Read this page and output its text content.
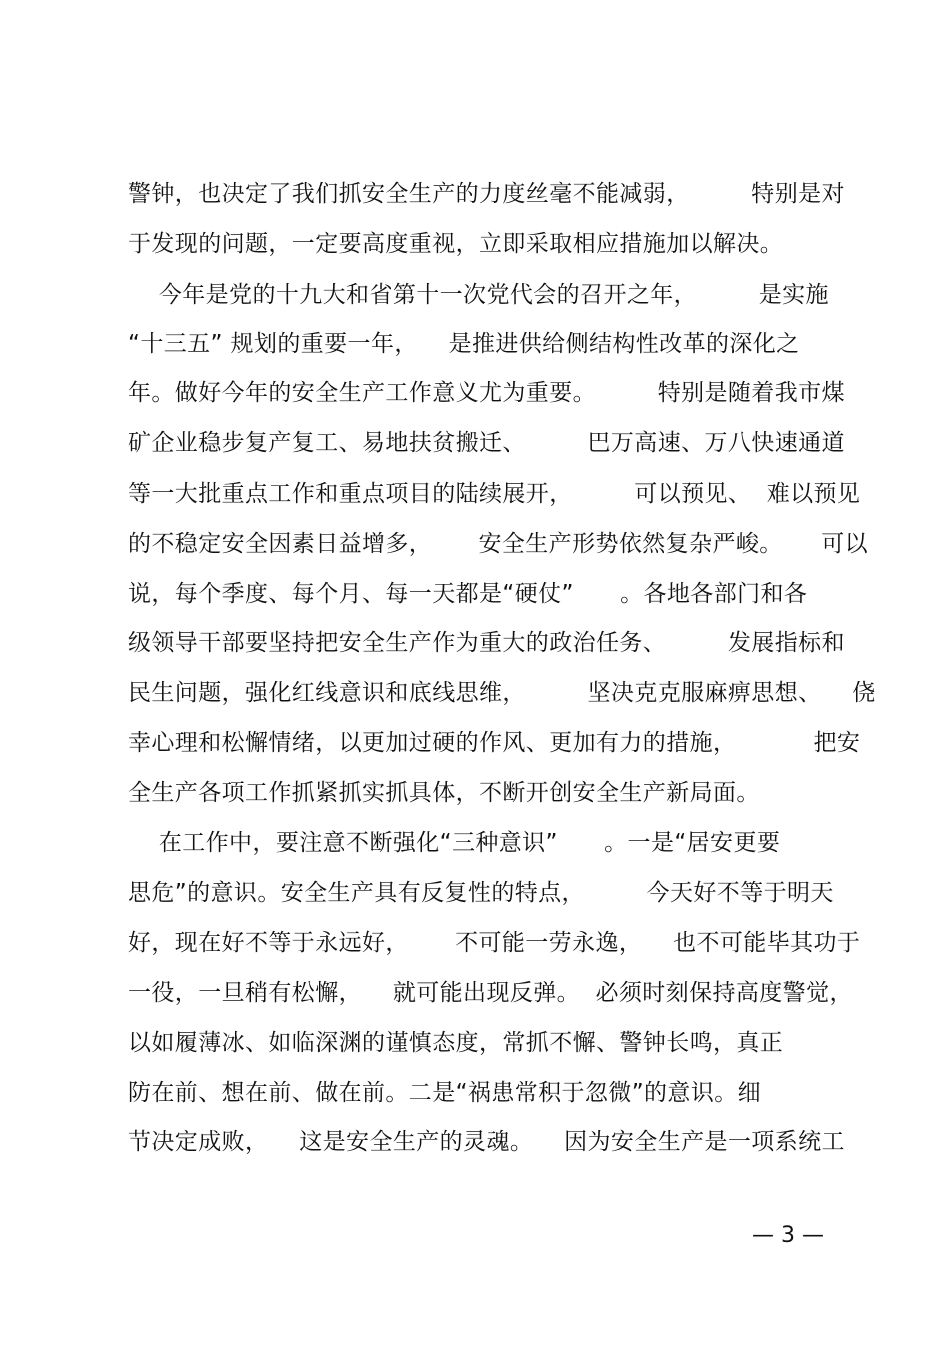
警钟，也决定了我们抓安全生产的力度丝毫不能减弱，        特别是对
于发现的问题，一定要高度重视，立即采取相应措施加以解决。
今年是党的十九大和省第十一次党代会的召开之年，        是实施
“十三五” 规划的重要一年，    是推进供给侧结构性改革的深化之
年。做好今年的安全生产工作意义尤为重要。        特别是随着我市煤
矿企业稳步复产复工、易地扶贫搬迁、        巴万高速、万八快速通道
等一大批重点工作和重点项目的陆续展开，        可以预见、  难以预见
的不稳定安全因素日益增多，      安全生产形势依然复杂严峻。     可以
说，每个季度、每个月、每一天都是“硬仗”      。各地各部门和各
级领导干部要坚持把安全生产作为重大的政治任务、        发展指标和
民生问题，强化红线意识和底线思维，        坚决克克服麻痹思想、    侥
幸心理和松懈情绪，以更加过硬的作风、更加有力的措施，          把安
全生产各项工作抓紧抓实抓具体，不断开创安全生产新局面。
在工作中，要注意不断强化“三种意识”      。一是“居安更要
思危”的意识。安全生产具有反复性的特点，        今天好不等于明天
好，现在好不等于永远好，      不可能一劳永逸，    也不可能毕其功于
一役，一旦稍有松懈，    就可能出现反弹。  必须时刻保持高度警觉，
以如履薄冰、如临深渊的谨慎态度，常抓不懈、警钟长鸣，真正
防在前、想在前、做在前。二是“祸患常积于忽微”的意识。细
节决定成败，    这是安全生产的灵魂。    因为安全生产是一项系统工
— 3 —
